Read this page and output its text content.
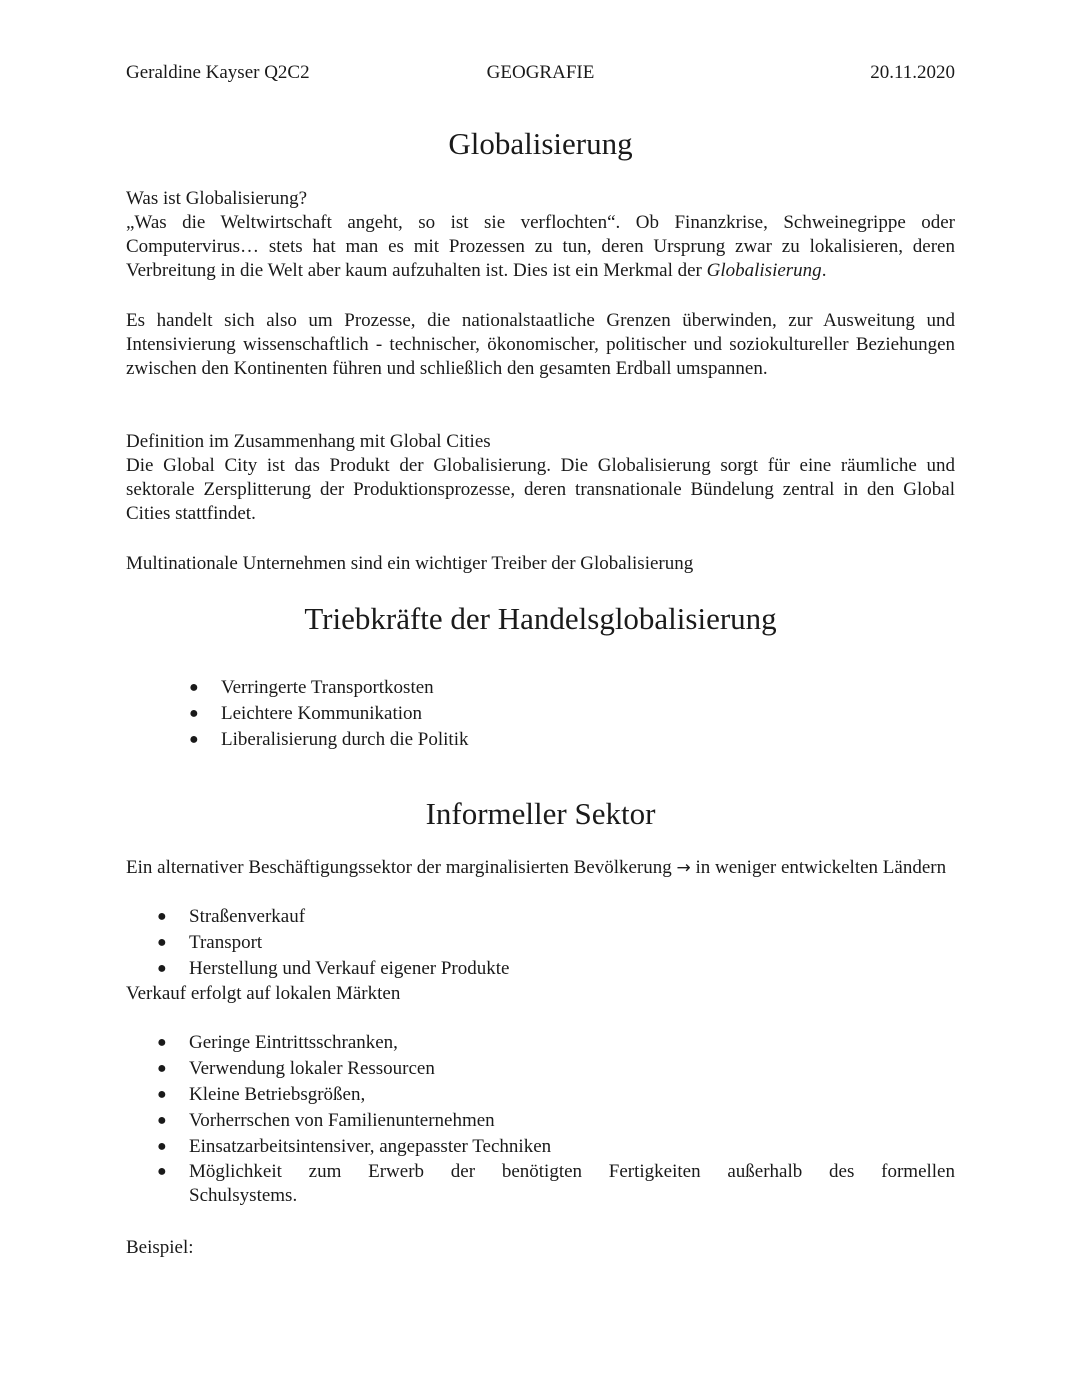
Geraldine Kayser Q2C2	GEOGRAFIE	20.11.2020
Globalisierung
Was ist Globalisierung?
„Was die Weltwirtschaft angeht, so ist sie verflochten“. Ob Finanzkrise, Schweinegrippe oder Computervirus… stets hat man es mit Prozessen zu tun, deren Ursprung zwar zu lokalisieren, deren Verbreitung in die Welt aber kaum aufzuhalten ist. Dies ist ein Merkmal der Globalisierung.
Es handelt sich also um Prozesse, die nationalstaatliche Grenzen überwinden, zur Ausweitung und Intensivierung wissenschaftlich - technischer, ökonomischer, politischer und soziokultureller Beziehungen zwischen den Kontinenten führen und schließlich den gesamten Erdball umspannen.
Definition im Zusammenhang mit Global Cities
Die Global City ist das Produkt der Globalisierung. Die Globalisierung sorgt für eine räumliche und sektorale Zersplitterung der Produktionsprozesse, deren transnationale Bündelung zentral in den Global Cities stattfindet.
Multinationale Unternehmen sind ein wichtiger Treiber der Globalisierung
Triebkräfte der Handelsglobalisierung
● Verringerte Transportkosten
● Leichtere Kommunikation
● Liberalisierung durch die Politik
Informeller Sektor
Ein alternativer Beschäftigungssektor der marginalisierten Bevölkerung → in weniger entwickelten Ländern
● Straßenverkauf
● Transport
● Herstellung und Verkauf eigener Produkte
Verkauf erfolgt auf lokalen Märkten
● Geringe Eintrittsschranken,
● Verwendung lokaler Ressourcen
● Kleine Betriebsgrößen,
● Vorherrschen von Familienunternehmen
● Einsatzarbeitsintensiver, angepasster Techniken
● Möglichkeit zum Erwerb der benötigten Fertigkeiten außerhalb des formellen
Schulsystems.
Beispiel:
